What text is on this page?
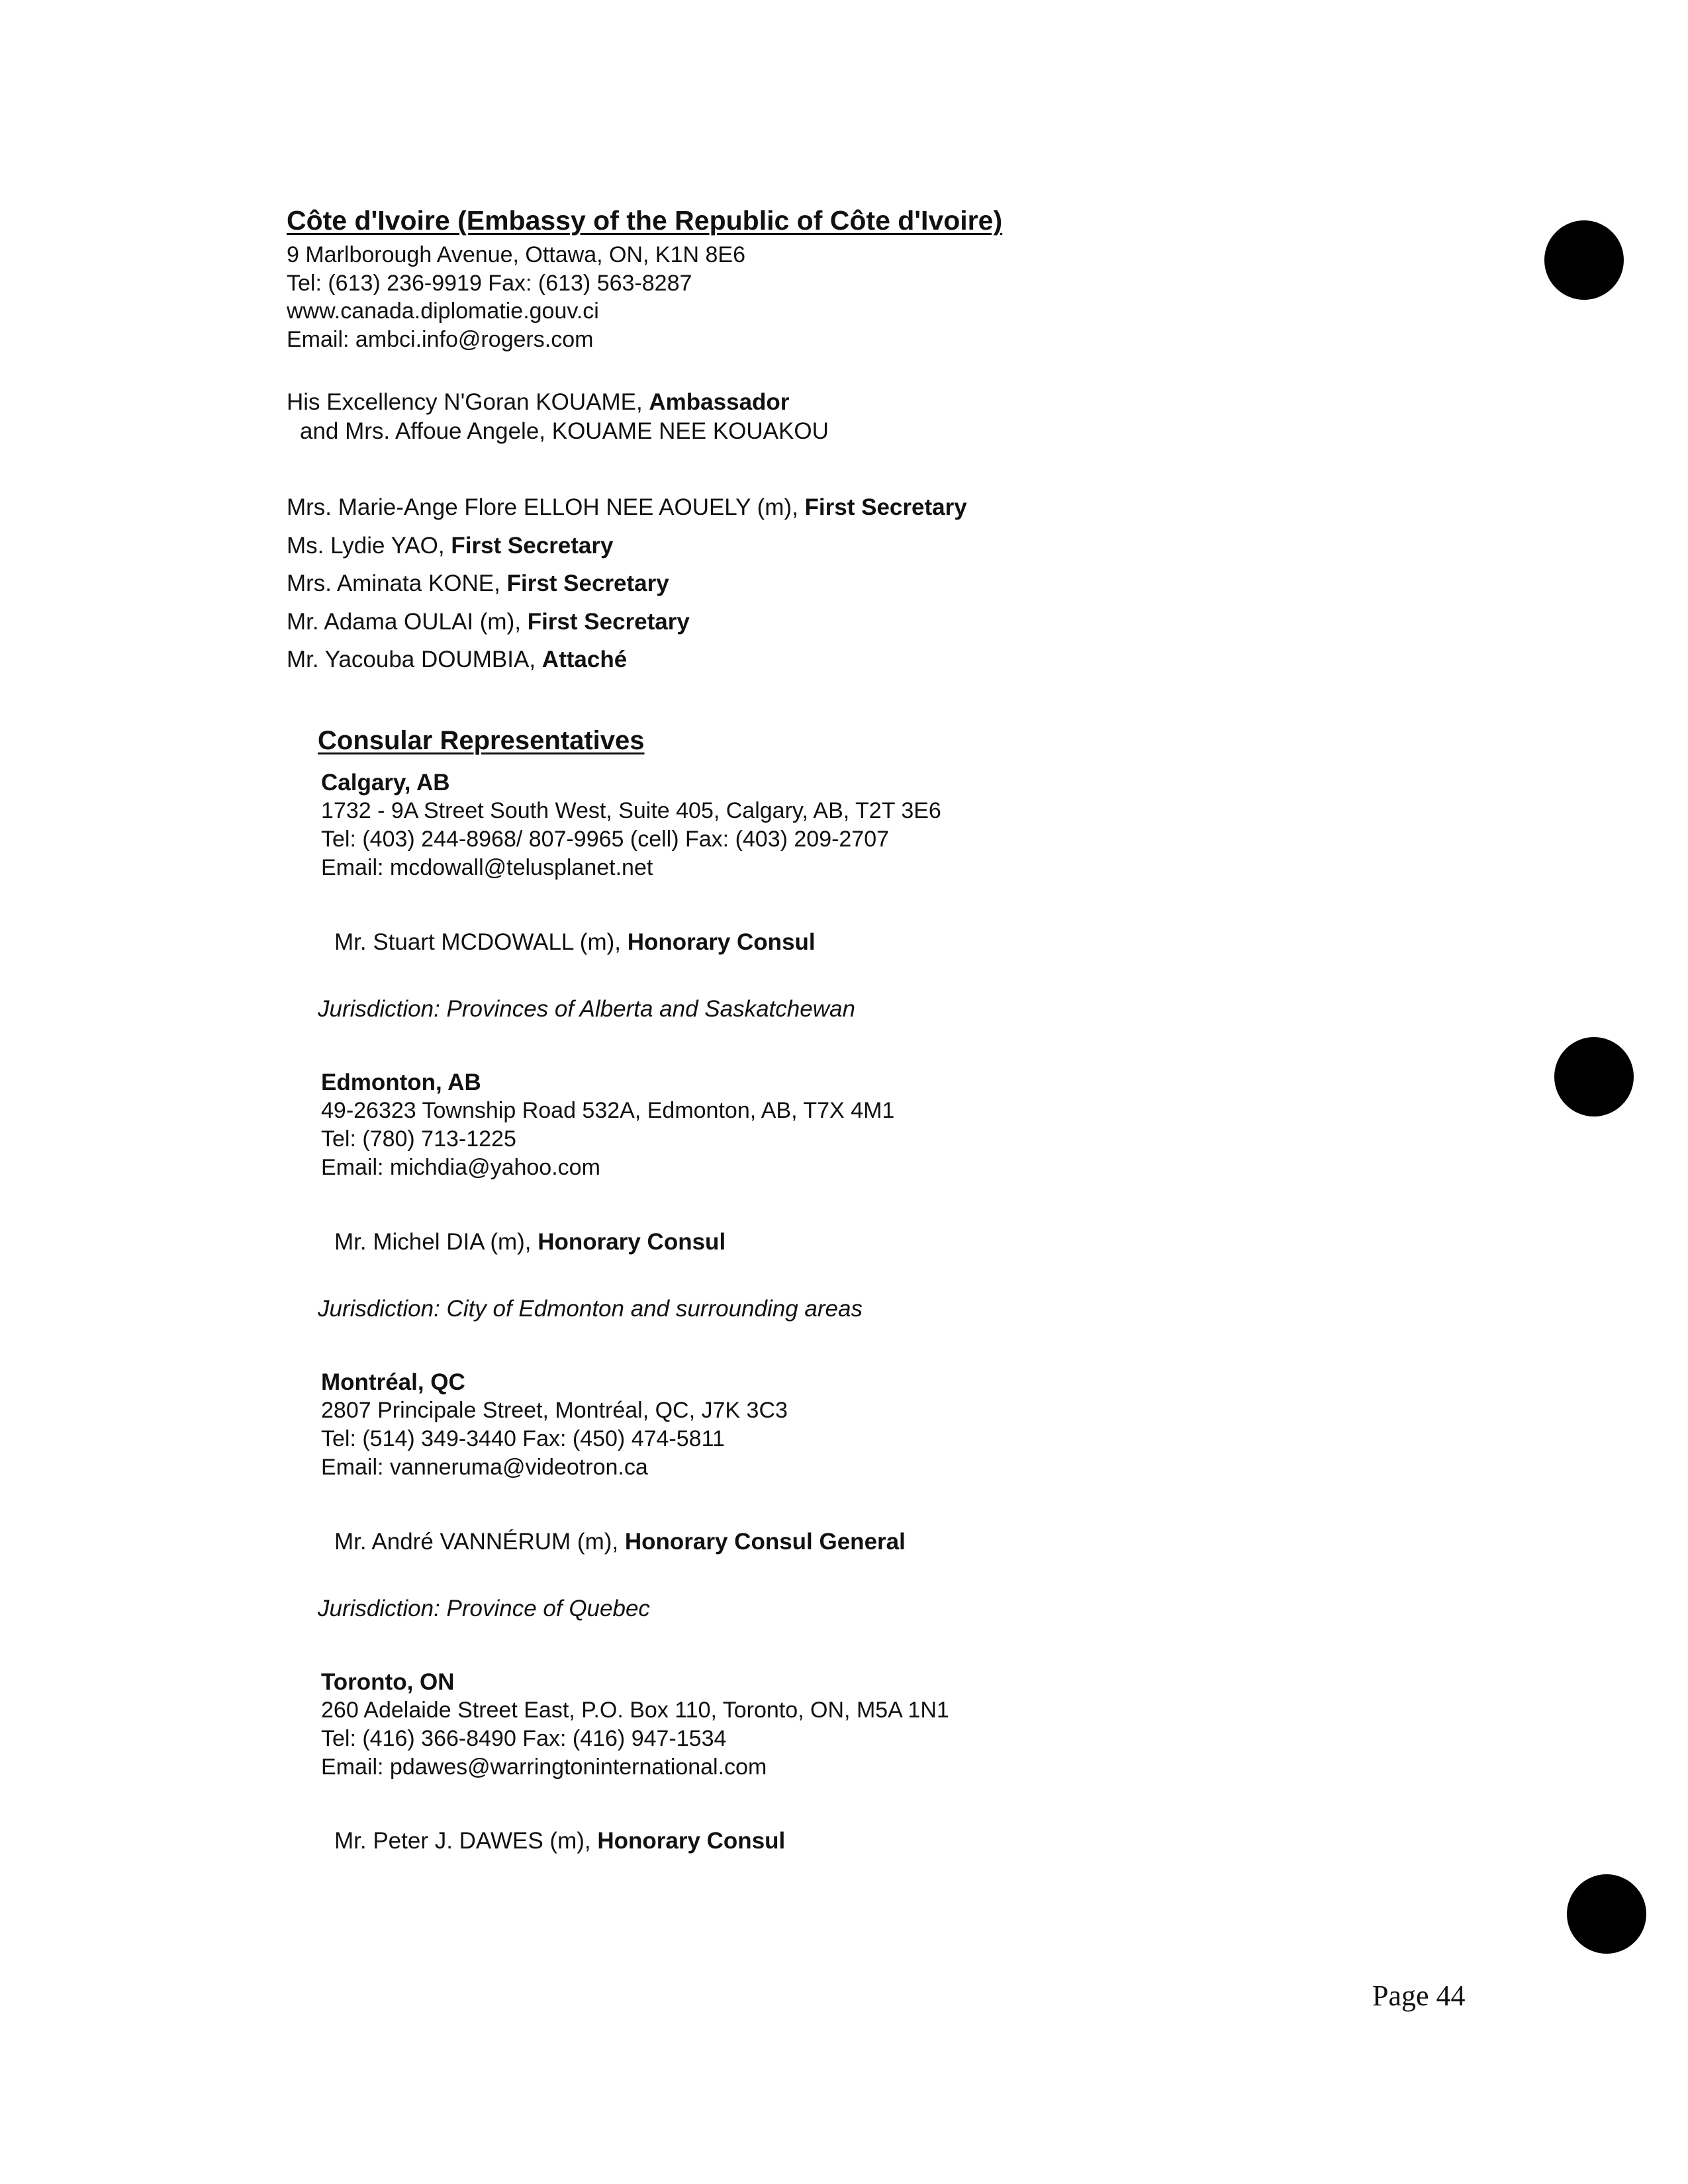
Côte d'Ivoire (Embassy of the Republic of Côte d'Ivoire)
9 Marlborough Avenue, Ottawa, ON, K1N 8E6
Tel: (613) 236-9919 Fax: (613) 563-8287
www.canada.diplomatie.gouv.ci
Email: ambci.info@rogers.com
His Excellency N'Goran KOUAME, Ambassador
and Mrs. Affoue Angele, KOUAME NEE KOUAKOU
Mrs. Marie-Ange Flore ELLOH NEE AOUELY (m), First Secretary
Ms. Lydie YAO, First Secretary
Mrs. Aminata KONE, First Secretary
Mr. Adama OULAI (m), First Secretary
Mr. Yacouba DOUMBIA, Attaché
Consular Representatives
Calgary, AB
1732 - 9A Street South West, Suite 405, Calgary, AB, T2T 3E6
Tel: (403) 244-8968/ 807-9965 (cell) Fax: (403) 209-2707
Email: mcdowall@telusplanet.net
Mr. Stuart MCDOWALL (m), Honorary Consul
Jurisdiction: Provinces of Alberta and Saskatchewan
Edmonton, AB
49-26323 Township Road 532A, Edmonton, AB, T7X 4M1
Tel: (780) 713-1225
Email: michdia@yahoo.com
Mr. Michel DIA (m), Honorary Consul
Jurisdiction: City of Edmonton and surrounding areas
Montréal, QC
2807 Principale Street, Montréal, QC, J7K 3C3
Tel: (514) 349-3440 Fax: (450) 474-5811
Email: vanneruma@videotron.ca
Mr. André VANNÉRUM (m), Honorary Consul General
Jurisdiction: Province of Quebec
Toronto, ON
260 Adelaide Street East, P.O. Box 110, Toronto, ON, M5A 1N1
Tel: (416) 366-8490 Fax: (416) 947-1534
Email: pdawes@warringtoninternational.com
Mr. Peter J. DAWES (m), Honorary Consul
Page 44
